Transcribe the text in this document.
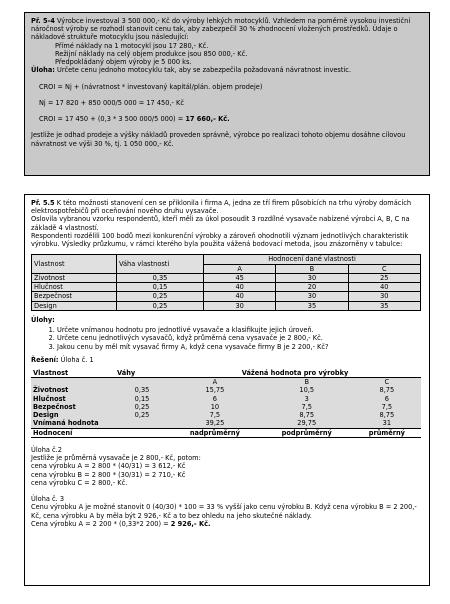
Př. 5-4 Výrobce investoval 3 500 000,- Kč do výroby lehkých motocyklů. Vzhledem na poměrně vysokou investiční náročnost výroby se rozhodl stanovit cenu tak, aby zabezpečil 30 % zhodnocení vložených prostředků. Údaje o nákladové struktuře motocyklu jsou následující:

Přímé náklady na 1 motocykl jsou 17 280,- Kč.

Režijní náklady na celý objem produkce jsou 850 000,- Kč.

Předpokládaný objem výroby je 5 000 ks.

Úloha: Určete cenu jednoho motocyklu tak, aby se zabezpečila požadovaná návratnost investic.

CROI = Nj + (návratnost * investovaný kapitál/plán. objem prodeje)

Nj = 17 820 + 850 000/5 000 = 17 450,- Kč

CROI = 17 450 + (0,3 * 3 500 000/5 000) = 17 660,- Kč.

Jestliže je odhad prodeje a výšky nákladů proveden správně, výrobce po realizaci tohoto objemu dosáhne cílovou návratnost ve výši 30 %, tj. 1 050 000,- Kč.

Př. 5.5 K této možnosti stanovení cen se přiklonila i firma A, jedna ze tří firem působících na trhu výroby domácích elektrospotřebičů při oceňování nového druhu vysavače.

Oslovila vybranou vzorku respondentů, kteří měli za úkol posoudit 3 rozdílné vysavače nabízené výrobci A, B, C na základě 4 vlastností.

Respondenti rozdělili 100 bodů mezi konkurenční výrobky a zároveň ohodnotili význam jednotlivých charakteristik výrobku. Výsledky průzkumu, v rámci kterého byla použita vážená bodovací metoda, jsou znázorněny v tabulce:

Vlastnost	Váha vlastnosti	Hodnocení dané vlastnosti		
		A	B	C
Životnost	0,35	45	30	25
Hlučnost	0,15	40	20	40
Bezpečnost	0,25	40	30	30
Design	0,25	30	35	35

Úlohy:

1. Určete vnímanou hodnotu pro jednotlivé vysavače a klasifikujte jejich úroveň.
2. Určete cenu jednotlivých vysavačů, když průměrná cena vysavače je 2 800,- Kč.
3. Jakou cenu by měl mít vysavač firmy A, když cena vysavače firmy B je 2 200,- Kč?

Řešení: Úloha č. 1

Vlastnost	Váhy	Vážená hodnota pro výrobky		
		A	B	C
Životnost	0,35	15,75	10,5	8,75
Hlučnost	0,15	6	3	6
Bezpečnost	0,25	10	7,5	7,5
Design	0,25	7,5	8,75	8,75
Vnímaná hodnota		39,25	29,75	31
Hodnocení		nadprůměrný	podprůměrný	průměrný

Úloha č.2

Jestliže je průměrná vysavače je 2 800,- Kč, potom:

cena výrobku A = 2 800 * (40/31) = 3 612,- Kč

cena výrobku B = 2 800 * (30/31) = 2 710,- Kč

cena výrobku C = 2 800,- Kč.

Úloha č. 3

Cenu výrobku A je možné stanovit 0 (40/30) * 100 = 33 % vyšší jako cenu výrobku B. Když cena výrobku B = 2 200,- Kč, cena výrobku A by měla být 2 926,- Kč a to bez ohledu na jeho skutečné náklady.

Cena výrobku A = 2 200 * (0,33*2 200) = 2 926,- Kč.
